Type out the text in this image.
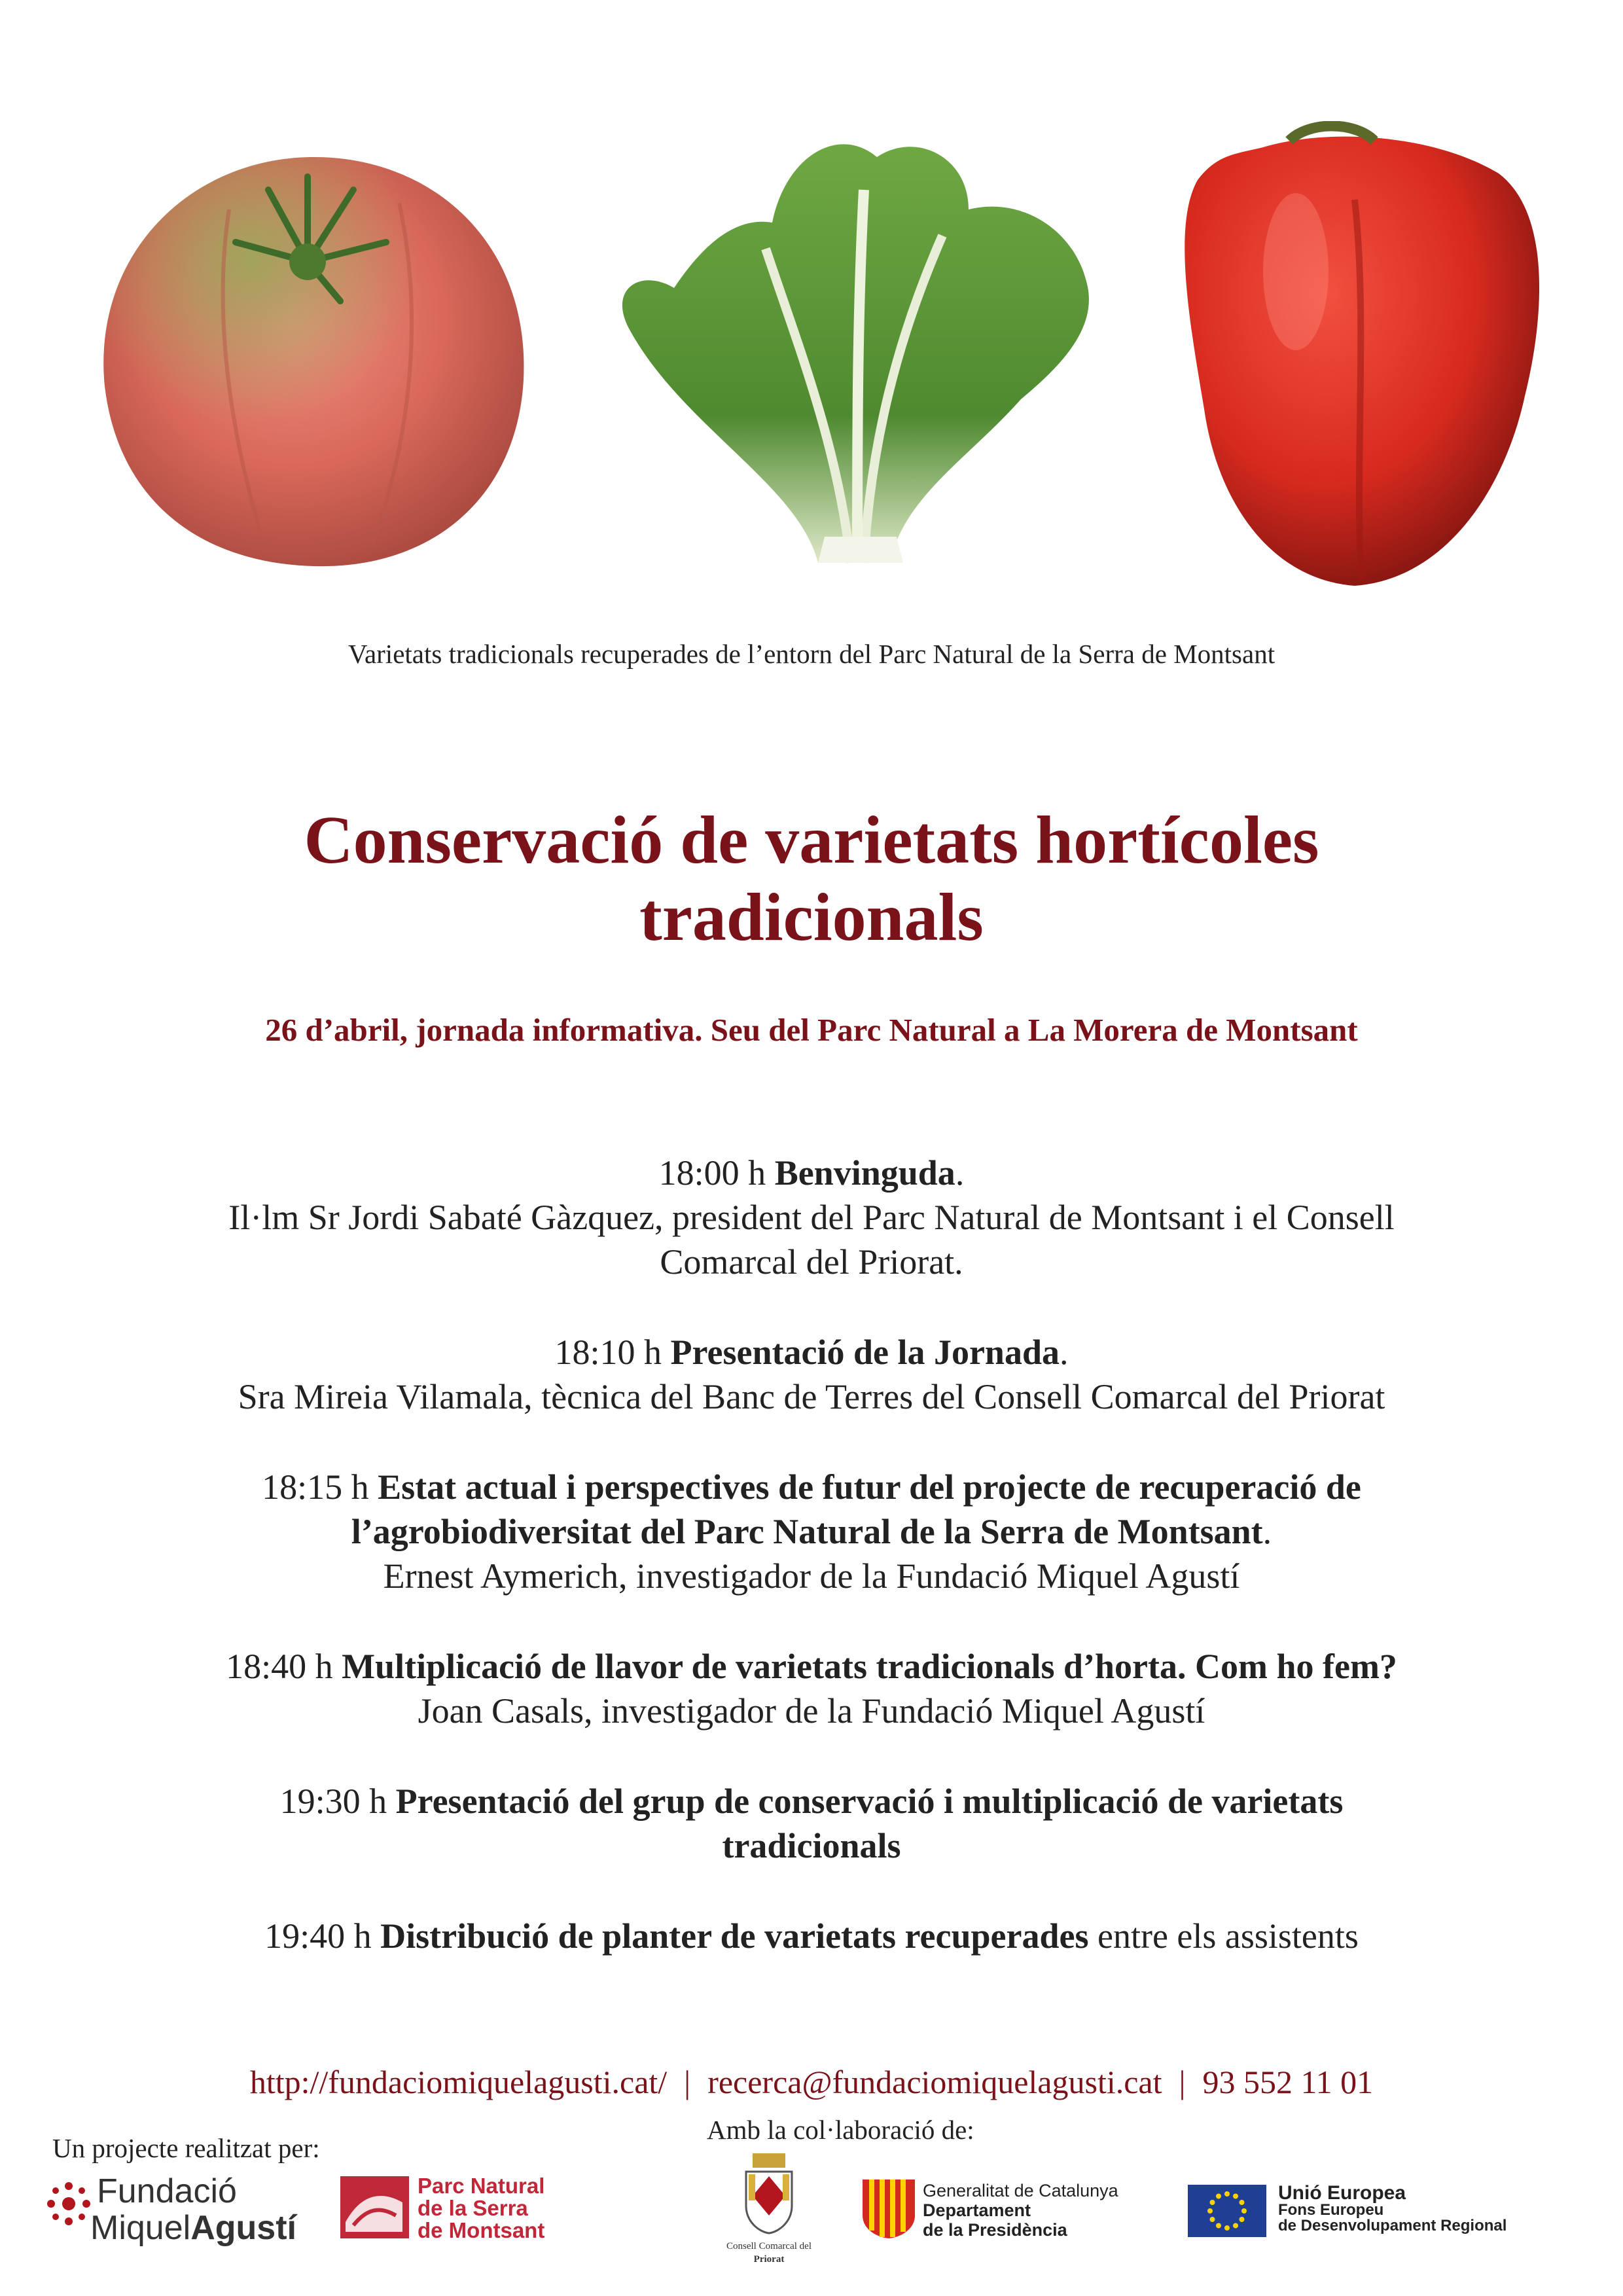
Varietats tradicionals recuperades de l’entorn del Parc Natural de la Serra de Montsant
Conservació de varietats hortícoles
tradicionals
26 d’abril, jornada informativa. Seu del Parc Natural a La Morera de Montsant
18:00 h Benvinguda.
Il·lm Sr Jordi Sabaté Gàzquez, president del Parc Natural de Montsant i el Consell
Comarcal del Priorat.
18:10 h Presentació de la Jornada.
Sra Mireia Vilamala, tècnica del Banc de Terres del Consell Comarcal del Priorat
18:15 h Estat actual i perspectives de futur del projecte de recuperació de
l’agrobiodiversitat del Parc Natural de la Serra de Montsant.
Ernest Aymerich, investigador de la Fundació Miquel Agustí
18:40 h Multiplicació de llavor de varietats tradicionals d’horta. Com ho fem?
Joan Casals, investigador de la Fundació Miquel Agustí
19:30 h Presentació del grup de conservació i multiplicació de varietats
tradicionals
19:40 h Distribució de planter de varietats recuperades entre els assistents
http://fundaciomiquelagusti.cat/ | recerca@fundaciomiquelagusti.cat | 93 552 11 01
Un projecte realitzat per:
Amb la col·laboració de:
Fundació
MiquelAgustí
Parc Natural
de la Serra
de Montsant
Consell Comarcal del
Priorat
Generalitat de Catalunya
Departament
de la Presidència
Unió Europea
Fons Europeu
de Desenvolupament Regional
